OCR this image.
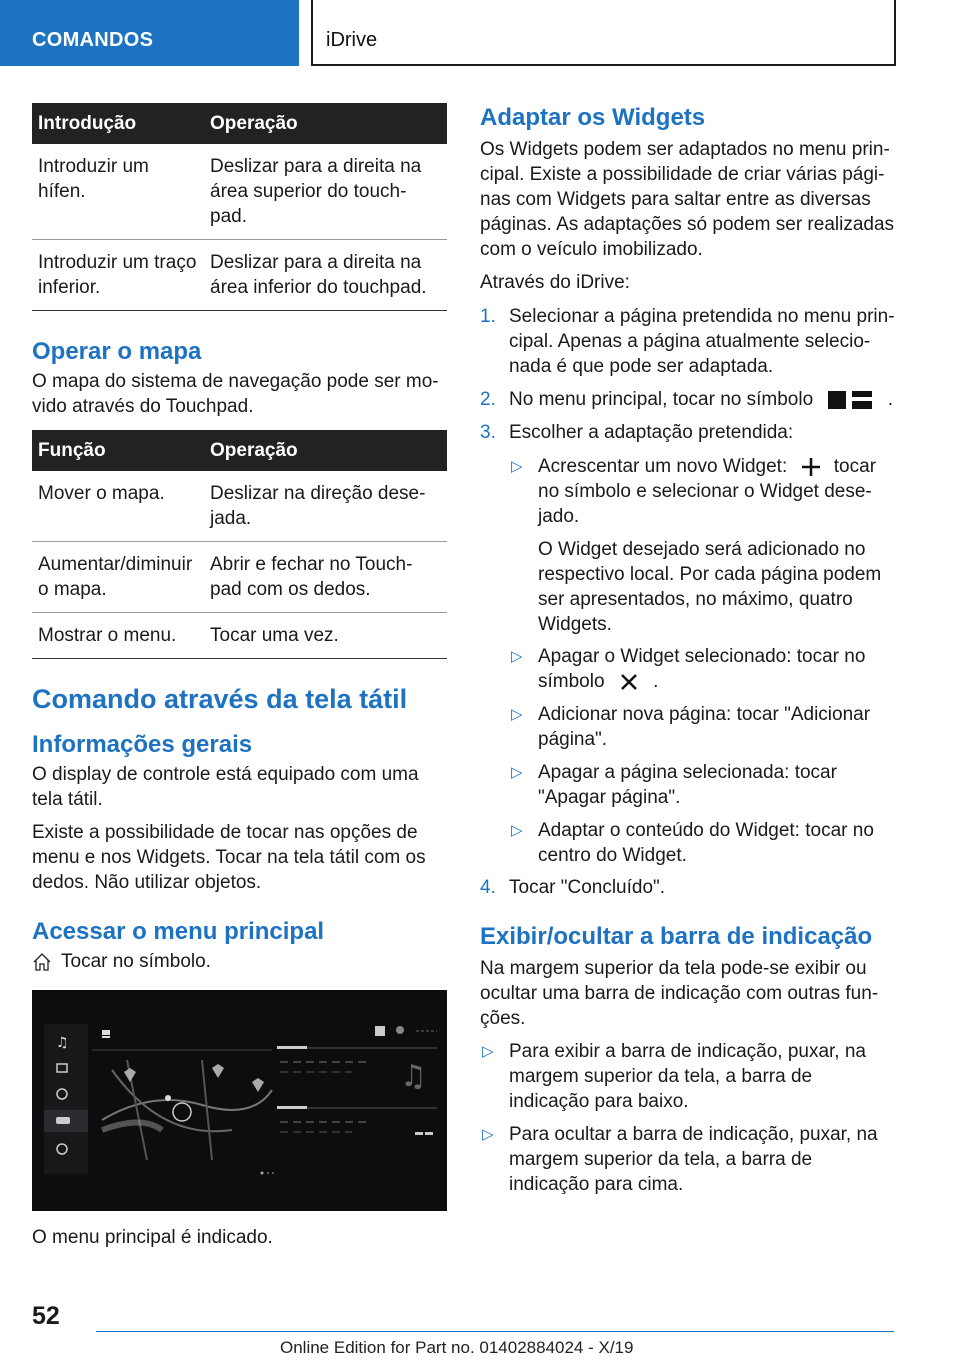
COMANDOS	iDrive
Introdução	Operação
Introduzir um hífen.	Deslizar para a direita na área superior do touch-pad.
Introduzir um traço inferior.	Deslizar para a direita na área inferior do touchpad.
Operar o mapa

O mapa do sistema de navegação pode ser mo-vido através do Touchpad.

Função	Operação
Mover o mapa.	Deslizar na direção dese-jada.
Aumentar/diminuir o mapa.	Abrir e fechar no Touch-pad com os dedos.
Mostrar o menu.	Tocar uma vez.
Comando através da tela tátil
Informações gerais

O display de controle está equipado com uma tela tátil.

Existe a possibilidade de tocar nas opções de menu e nos Widgets. Tocar na tela tátil com os dedos. Não utilizar objetos.

Acessar o menu principal

Tocar no símbolo.

♫
♫

O menu principal é indicado.

Adaptar os Widgets

Os Widgets podem ser adaptados no menu prin-cipal. Existe a possibilidade de criar várias pági-nas com Widgets para saltar entre as diversas páginas. As adaptações só podem ser realizadas com o veículo imobilizado.

Através do iDrive:

1. Selecionar a página pretendida no menu prin-cipal. Apenas a página atualmente selecio-nada é que pode ser adaptada.
2. No menu principal, tocar no símbolo	.
3. Escolher a adaptação pretendida:
▷ Acrescentar um novo Widget: tocar no símbolo e selecionar o Widget dese-jado.
O Widget desejado será adicionado no respectivo local. Por cada página podem ser apresentados, no máximo, quatro Widgets.
▷ Apagar o Widget selecionado: tocar no símbolo	.
▷ Adicionar nova página: tocar "Adicionar página".
▷ Apagar a página selecionada: tocar "Apagar página".
▷ Adaptar o conteúdo do Widget: tocar no centro do Widget.
4. Tocar "Concluído".
Exibir/ocultar a barra de indicação

Na margem superior da tela pode-se exibir ou ocultar uma barra de indicação com outras fun-ções.

▷ Para exibir a barra de indicação, puxar, na margem superior da tela, a barra de indicação para baixo.
▷ Para ocultar a barra de indicação, puxar, na margem superior da tela, a barra de indicação para cima.
52
Online Edition for Part no. 01402884024 - X/19
